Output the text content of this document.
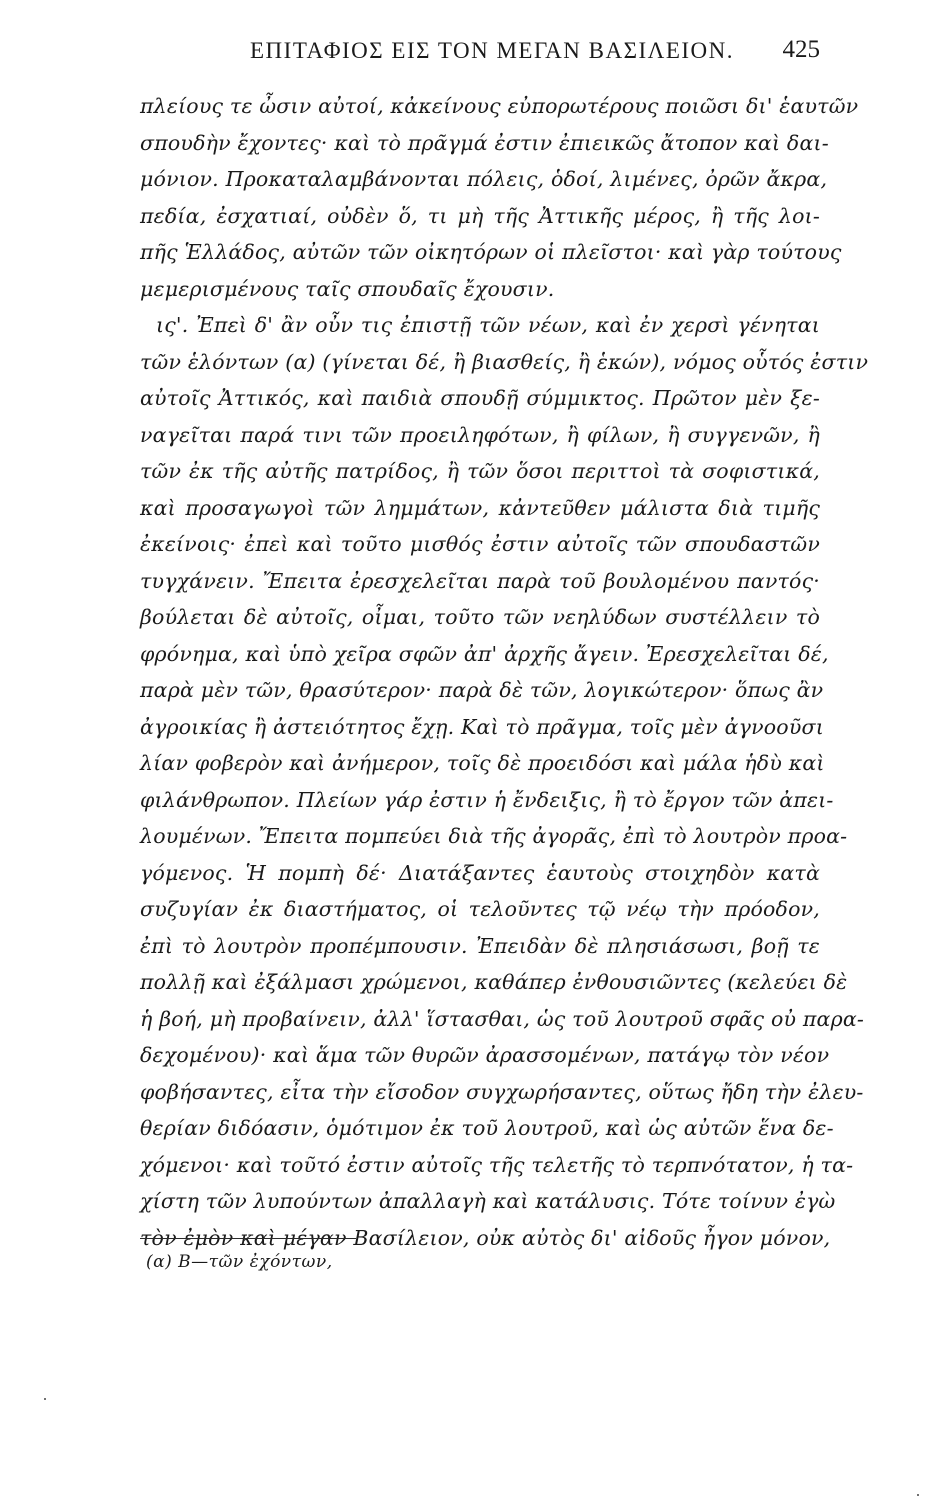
ΕΠΙΤΑΦΙΟΣ ΕΙΣ ΤΟΝ ΜΕΓΑΝ ΒΑΣΙΛΕΙΟΝ. 425
πλείους τε ὦσιν αὐτοί, κἀκείνους εὐπορωτέρους ποιῶσι δι' ἑαυτῶν
σπουδὴν ἔχοντες· καὶ τὸ πρᾶγμά ἐστιν ἐπιεικῶς ἄτοπον καὶ δαι-
μόνιον. Προκαταλαμβάνονται πόλεις, ὁδοί, λιμένες, ὀρῶν ἄκρα,
πεδία, ἐσχατιαί, οὐδὲν ὅ, τι μὴ τῆς Ἀττικῆς μέρος, ἢ τῆς λοι-
πῆς Ἑλλάδος, αὐτῶν τῶν οἰκητόρων οἱ πλεῖστοι· καὶ γὰρ τούτους
μεμερισμένους ταῖς σπουδαῖς ἔχουσιν.
ις'. Ἐπεὶ δ' ἂν οὖν τις ἐπιστῇ τῶν νέων, καὶ ἐν χερσὶ γένηται
τῶν ἑλόντων (α) (γίνεται δέ, ἢ βιασθείς, ἢ ἑκών), νόμος οὗτός ἐστιν
αὐτοῖς Ἀττικός, καὶ παιδιὰ σπουδῇ σύμμικτος. Πρῶτον μὲν ξε-
ναγεῖται παρά τινι τῶν προειληφότων, ἢ φίλων, ἢ συγγενῶν, ἢ
τῶν ἐκ τῆς αὐτῆς πατρίδος, ἢ τῶν ὅσοι περιττοὶ τὰ σοφιστικά,
καὶ προσαγωγοὶ τῶν λημμάτων, κἀντεῦθεν μάλιστα διὰ τιμῆς
ἐκείνοις· ἐπεὶ καὶ τοῦτο μισθός ἐστιν αὐτοῖς τῶν σπουδαστῶν
τυγχάνειν. Ἔπειτα ἐρεσχελεῖται παρὰ τοῦ βουλομένου παντός·
βούλεται δὲ αὐτοῖς, οἶμαι, τοῦτο τῶν νεηλύδων συστέλλειν τὸ
φρόνημα, καὶ ὑπὸ χεῖρα σφῶν ἀπ' ἀρχῆς ἄγειν. Ἐρεσχελεῖται δέ,
παρὰ μὲν τῶν, θρασύτερον· παρὰ δὲ τῶν, λογικώτερον· ὅπως ἂν
ἀγροικίας ἢ ἀστειότητος ἔχῃ. Καὶ τὸ πρᾶγμα, τοῖς μὲν ἀγνοοῦσι
λίαν φοβερὸν καὶ ἀνήμερον, τοῖς δὲ προειδόσι καὶ μάλα ἡδὺ καὶ
φιλάνθρωπον. Πλείων γάρ ἐστιν ἡ ἔνδειξις, ἢ τὸ ἔργον τῶν ἀπει-
λουμένων. Ἔπειτα πομπεύει διὰ τῆς ἀγορᾶς, ἐπὶ τὸ λουτρὸν προα-
γόμενος. Ἡ πομπὴ δέ· Διατάξαντες ἑαυτοὺς στοιχηδὸν κατὰ
συζυγίαν ἐκ διαστήματος, οἱ τελοῦντες τῷ νέῳ τὴν πρόοδον,
ἐπὶ τὸ λουτρὸν προπέμπουσιν. Ἐπειδὰν δὲ πλησιάσωσι, βοῇ τε
πολλῇ καὶ ἐξάλμασι χρώμενοι, καθάπερ ἐνθουσιῶντες (κελεύει δὲ
ἡ βοή, μὴ προβαίνειν, ἀλλ' ἵστασθαι, ὡς τοῦ λουτροῦ σφᾶς οὐ παρα-
δεχομένου)· καὶ ἅμα τῶν θυρῶν ἀρασσομένων, πατάγῳ τὸν νέον
φοβήσαντες, εἶτα τὴν εἴσοδον συγχωρήσαντες, οὕτως ἤδη τὴν ἐλευ-
θερίαν διδόασιν, ὁμότιμον ἐκ τοῦ λουτροῦ, καὶ ὡς αὐτῶν ἕνα δε-
χόμενοι· καὶ τοῦτό ἐστιν αὐτοῖς τῆς τελετῆς τὸ τερπνότατον, ἡ τα-
χίστη τῶν λυπούντων ἀπαλλαγὴ καὶ κατάλυσις. Τότε τοίνυν ἐγὼ
τὸν ἐμὸν καὶ μέγαν Βασίλειον, οὐκ αὐτὸς δι' αἰδοῦς ἦγον μόνον,
(α) Β—τῶν ἐχόντων,
